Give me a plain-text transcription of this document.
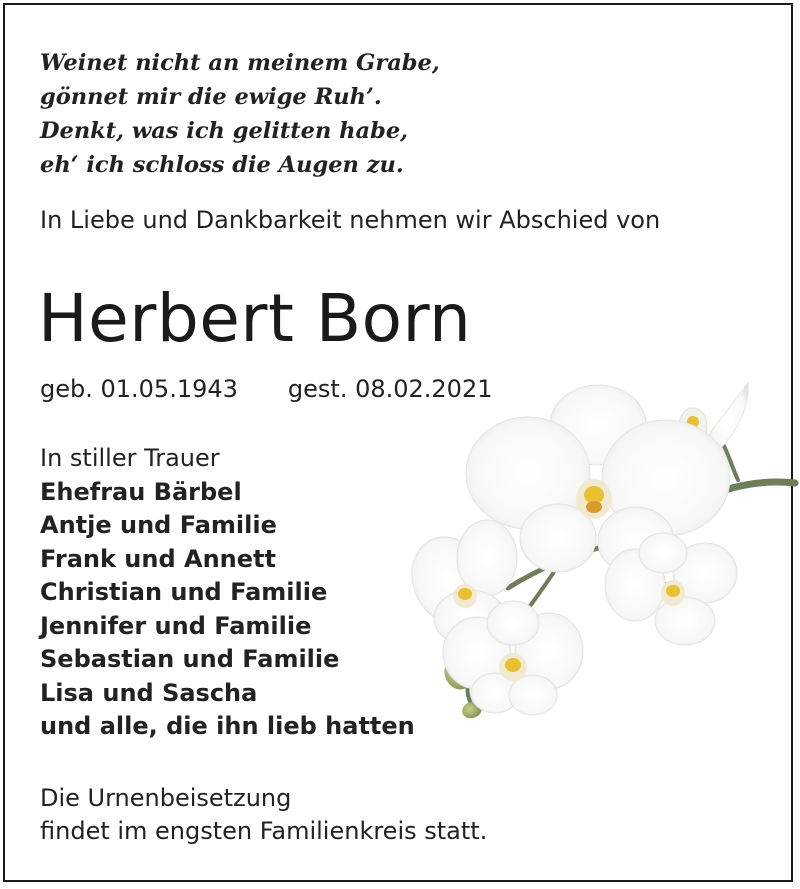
Weinet nicht an meinem Grabe,
gönnet mir die ewige Ruh’.
Denkt, was ich gelitten habe,
eh‘ ich schloss die Augen zu.
In Liebe und Dankbarkeit nehmen wir Abschied von
Herbert Born
geb. 01.05.1943 gest. 08.02.2021
In stiller Trauer
Ehefrau Bärbel
Antje und Familie
Frank und Annett
Christian und Familie
Jennifer und Familie
Sebastian und Familie
Lisa und Sascha
und alle, die ihn lieb hatten
Die Urnenbeisetzung
findet im engsten Familienkreis statt.
